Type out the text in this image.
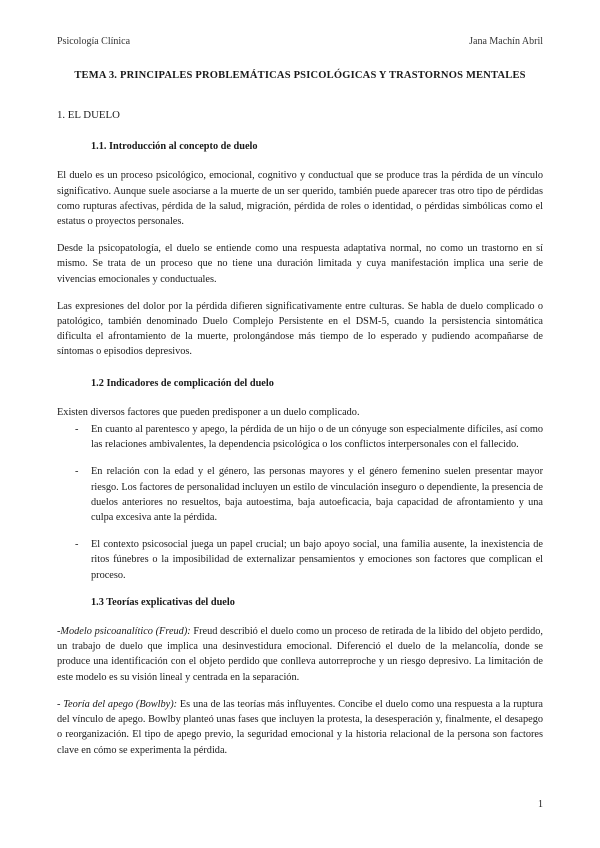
Psicología Clínica	Jana Machín Abril
TEMA 3. PRINCIPALES PROBLEMÁTICAS PSICOLÓGICAS Y TRASTORNOS MENTALES
1. EL DUELO
1.1. Introducción al concepto de duelo

El duelo es un proceso psicológico, emocional, cognitivo y conductual que se produce tras la pérdida de un vínculo significativo. Aunque suele asociarse a la muerte de un ser querido, también puede aparecer tras otro tipo de pérdidas como rupturas afectivas, pérdida de la salud, migración, pérdida de roles o identidad, o pérdidas simbólicas como el estatus o proyectos personales.

Desde la psicopatología, el duelo se entiende como una respuesta adaptativa normal, no como un trastorno en sí mismo. Se trata de un proceso que no tiene una duración limitada y cuya manifestación implica una serie de vivencias emocionales y conductuales.

Las expresiones del dolor por la pérdida difieren significativamente entre culturas. Se habla de duelo complicado o patológico, también denominado Duelo Complejo Persistente en el DSM-5, cuando la persistencia sintomática dificulta el afrontamiento de la muerte, prolongándose más tiempo de lo esperado y pudiendo acompañarse de síntomas o episodios depresivos.

1.2 Indicadores de complicación del duelo

Existen diversos factores que pueden predisponer a un duelo complicado.

- En cuanto al parentesco y apego, la pérdida de un hijo o de un cónyuge son especialmente difíciles, así como las relaciones ambivalentes, la dependencia psicológica o los conflictos interpersonales con el fallecido.
- En relación con la edad y el género, las personas mayores y el género femenino suelen presentar mayor riesgo. Los factores de personalidad incluyen un estilo de vinculación inseguro o dependiente, la presencia de duelos anteriores no resueltos, baja autoestima, baja autoeficacia, baja capacidad de afrontamiento y una culpa excesiva ante la pérdida.
- El contexto psicosocial juega un papel crucial; un bajo apoyo social, una familia ausente, la inexistencia de ritos fúnebres o la imposibilidad de externalizar pensamientos y emociones son factores que complican el proceso.
1.3 Teorías explicativas del duelo

-Modelo psicoanalítico (Freud): Freud describió el duelo como un proceso de retirada de la libido del objeto perdido, un trabajo de duelo que implica una desinvestidura emocional. Diferenció el duelo de la melancolía, donde se produce una identificación con el objeto perdido que conlleva autorreproche y un riesgo depresivo. La limitación de este modelo es su visión lineal y centrada en la separación.

- Teoría del apego (Bowlby): Es una de las teorías más influyentes. Concibe el duelo como una respuesta a la ruptura del vínculo de apego. Bowlby planteó unas fases que incluyen la protesta, la desesperación y, finalmente, el desapego o reorganización. El tipo de apego previo, la seguridad emocional y la historia relacional de la persona son factores clave en cómo se experimenta la pérdida.

1
